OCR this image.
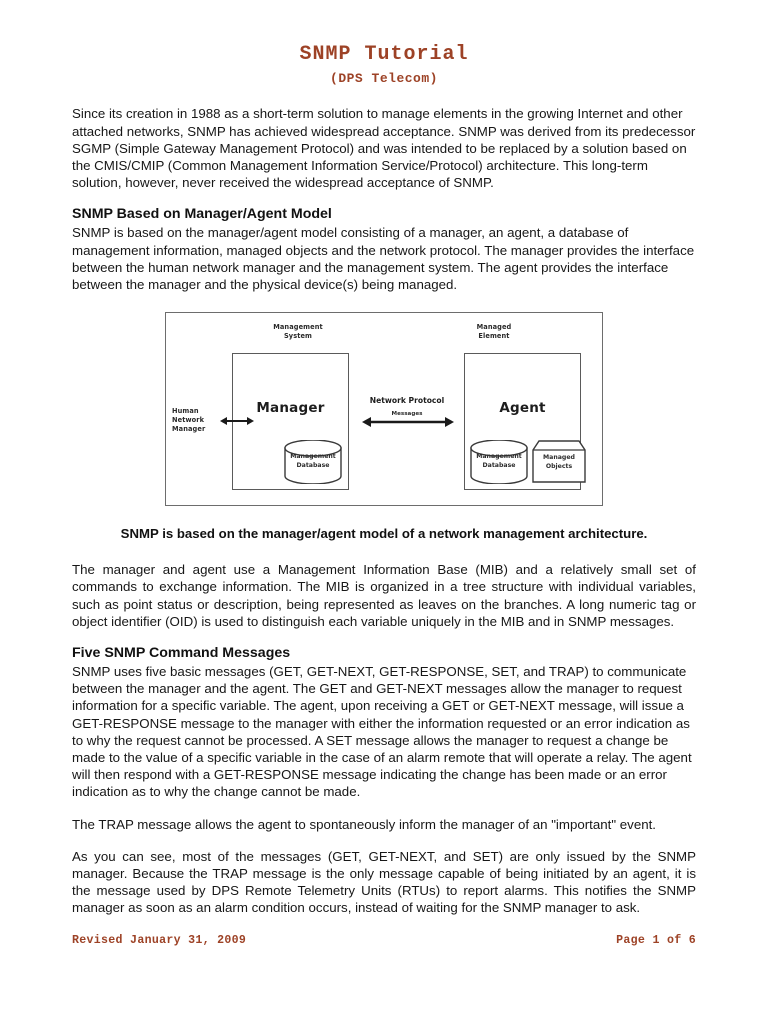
SNMP Tutorial
(DPS Telecom)

Since its creation in 1988 as a short-term solution to manage elements in the growing Internet and other attached networks, SNMP has achieved widespread acceptance. SNMP was derived from its predecessor SGMP (Simple Gateway Management Protocol) and was intended to be replaced by a solution based on the CMIS/CMIP (Common Management Information Service/Protocol) architecture. This long-term solution, however, never received the widespread acceptance of SNMP.

SNMP Based on Manager/Agent Model

SNMP is based on the manager/agent model consisting of a manager, an agent, a database of management information, managed objects and the network protocol. The manager provides the interface between the human network manager and the management system. The agent provides the interface between the manager and the physical device(s) being managed.

Management
System
Managed
Element
Manager	Agent
Human
Network
Manager
Network Protocol
Messages
Management
Database
Management
Database
Managed
Objects

SNMP is based on the manager/agent model of a network management architecture.

The manager and agent use a Management Information Base (MIB) and a relatively small set of commands to exchange information. The MIB is organized in a tree structure with individual variables, such as point status or description, being represented as leaves on the branches. A long numeric tag or object identifier (OID) is used to distinguish each variable uniquely in the MIB and in SNMP messages.

Five SNMP Command Messages

SNMP uses five basic messages (GET, GET-NEXT, GET-RESPONSE, SET, and TRAP) to communicate between the manager and the agent. The GET and GET-NEXT messages allow the manager to request information for a specific variable. The agent, upon receiving a GET or GET-NEXT message, will issue a GET-RESPONSE message to the manager with either the information requested or an error indication as to why the request cannot be processed. A SET message allows the manager to request a change be made to the value of a specific variable in the case of an alarm remote that will operate a relay. The agent will then respond with a GET-RESPONSE message indicating the change has been made or an error indication as to why the change cannot be made.

The TRAP message allows the agent to spontaneously inform the manager of an "important" event.

As you can see, most of the messages (GET, GET-NEXT, and SET) are only issued by the SNMP manager. Because the TRAP message is the only message capable of being initiated by an agent, it is the message used by DPS Remote Telemetry Units (RTUs) to report alarms. This notifies the SNMP manager as soon as an alarm condition occurs, instead of waiting for the SNMP manager to ask.

Revised January 31, 2009	Page 1 of 6
